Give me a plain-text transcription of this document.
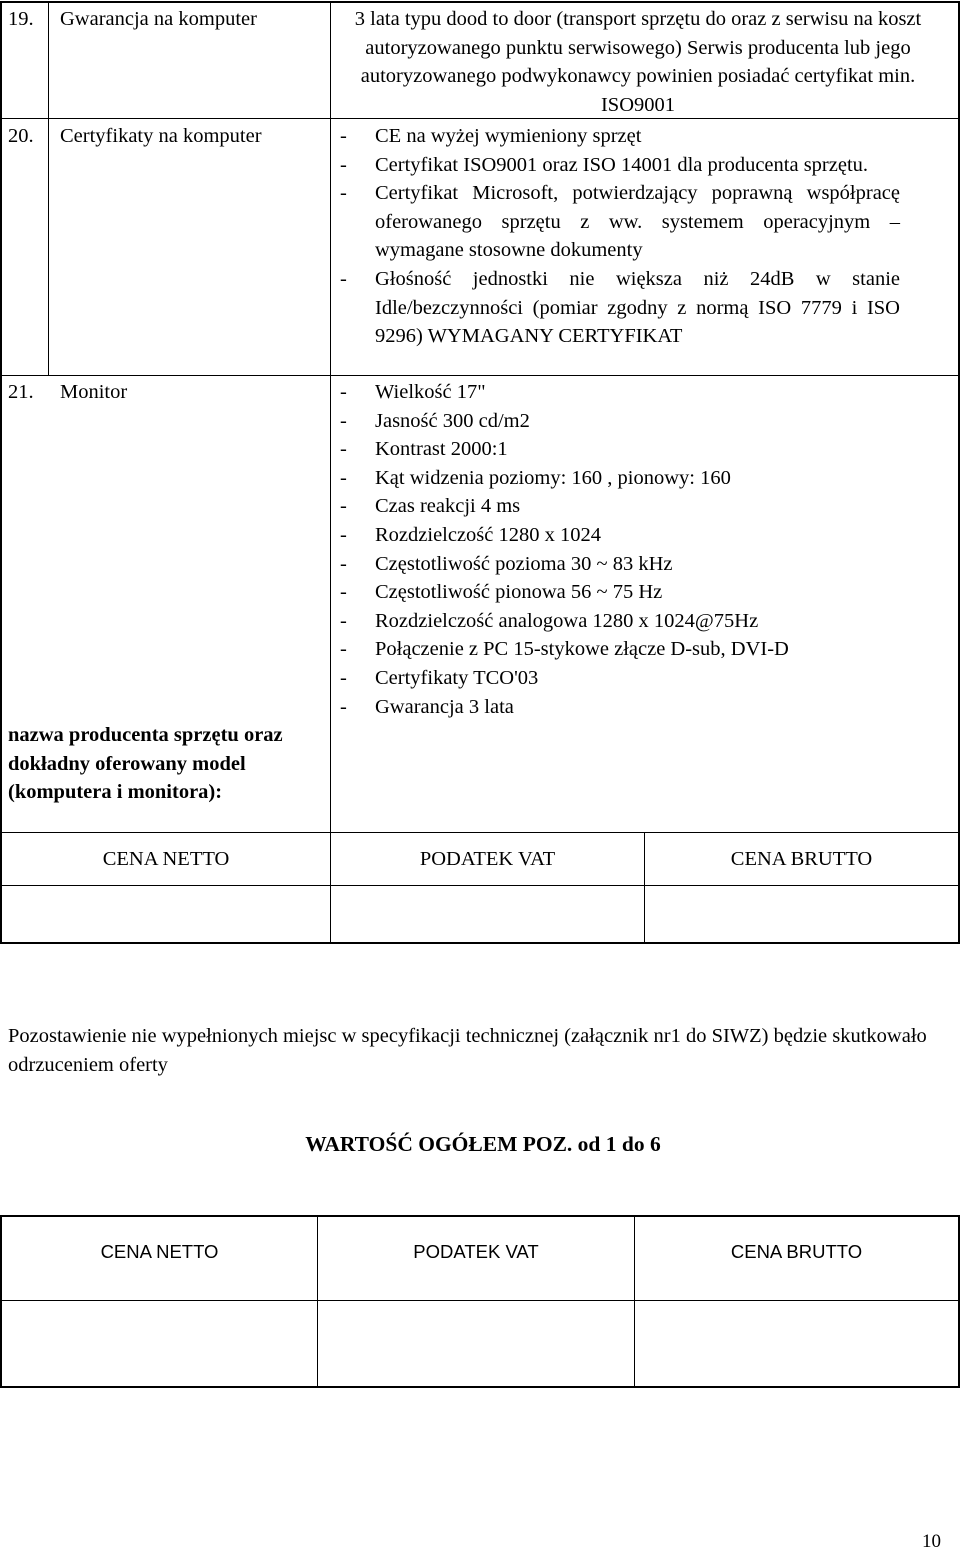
19. Gwarancja na komputer	3 lata typu dood to door (transport sprzętu do oraz z serwisu na koszt autoryzowanego punktu serwisowego) Serwis producenta lub jego autoryzowanego podwykonawcy powinien posiadać certyfikat min. ISO9001
20. Certyfikaty na komputer	-	CE na wyżej wymieniony sprzęt
-	Certyfikat ISO9001 oraz ISO 14001 dla producenta sprzętu.
-	Certyfikat Microsoft, potwierdzający poprawną współpracę oferowanego sprzętu z ww. systemem operacyjnym – wymagane stosowne dokumenty
-	Głośność jednostki nie większa niż 24dB w stanie Idle/bezczynności (pomiar zgodny z normą ISO 7779 i ISO 9296) WYMAGANY CERTYFIKAT
21. Monitor	-	Wielkość 17"
-	Jasność 300 cd/m2
-	Kontrast 2000:1
-	Kąt widzenia poziomy: 160 , pionowy: 160
-	Czas reakcji 4 ms
-	Rozdzielczość 1280 x 1024
-	Częstotliwość pozioma 30 ~ 83 kHz
-	Częstotliwość pionowa 56 ~ 75 Hz
-	Rozdzielczość analogowa 1280 x 1024@75Hz
-	Połączenie z PC 15-stykowe złącze D-sub, DVI-D
-	Certyfikaty TCO'03
-	Gwarancja 3 lata
nazwa producenta sprzętu oraz dokładny oferowany model (komputera i monitora):
CENA NETTO	PODATEK VAT	CENA BRUTTO
Pozostawienie nie wypełnionych miejsc w specyfikacji technicznej (załącznik nr1 do SIWZ) będzie skutkowało odrzuceniem oferty
WARTOŚĆ OGÓŁEM POZ. od 1 do 6
CENA NETTO	PODATEK VAT	CENA BRUTTO
10
